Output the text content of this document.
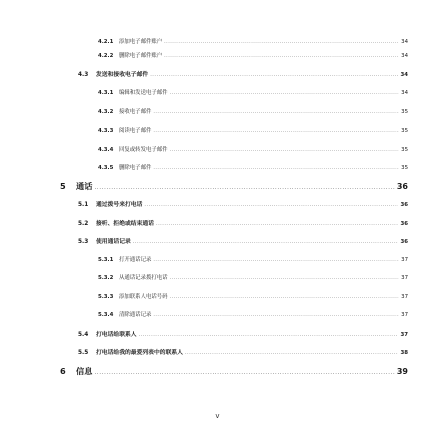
4.2.1	添加电子邮件账户 .....	34
4.2.2	删除电子邮件账户 .....	34
4.3	发送和接收电子邮件 .....	34
4.3.1	编辑和发送电子邮件 .....	34
4.3.2	接收电子邮件 .....	35
4.3.3	阅读电子邮件 .....	35
4.3.4	回复或转发电子邮件 .....	35
4.3.5	删除电子邮件 .....	35
5	通话 .....	36
5.1	通过拨号来打电话 .....	36
5.2	接听、拒绝或结束通话 .....	36
5.3	使用通话记录 .....	36
5.3.1	打开通话记录 .....	37
5.3.2	从通话记录拨打电话 .....	37
5.3.3	添加联系人电话号码 .....	37
5.3.4	清除通话记录 .....	37
5.4	打电话给联系人 .....	37
5.5	打电话给我的最爱列表中的联系人 .....	38
6	信息 .....	39
v
